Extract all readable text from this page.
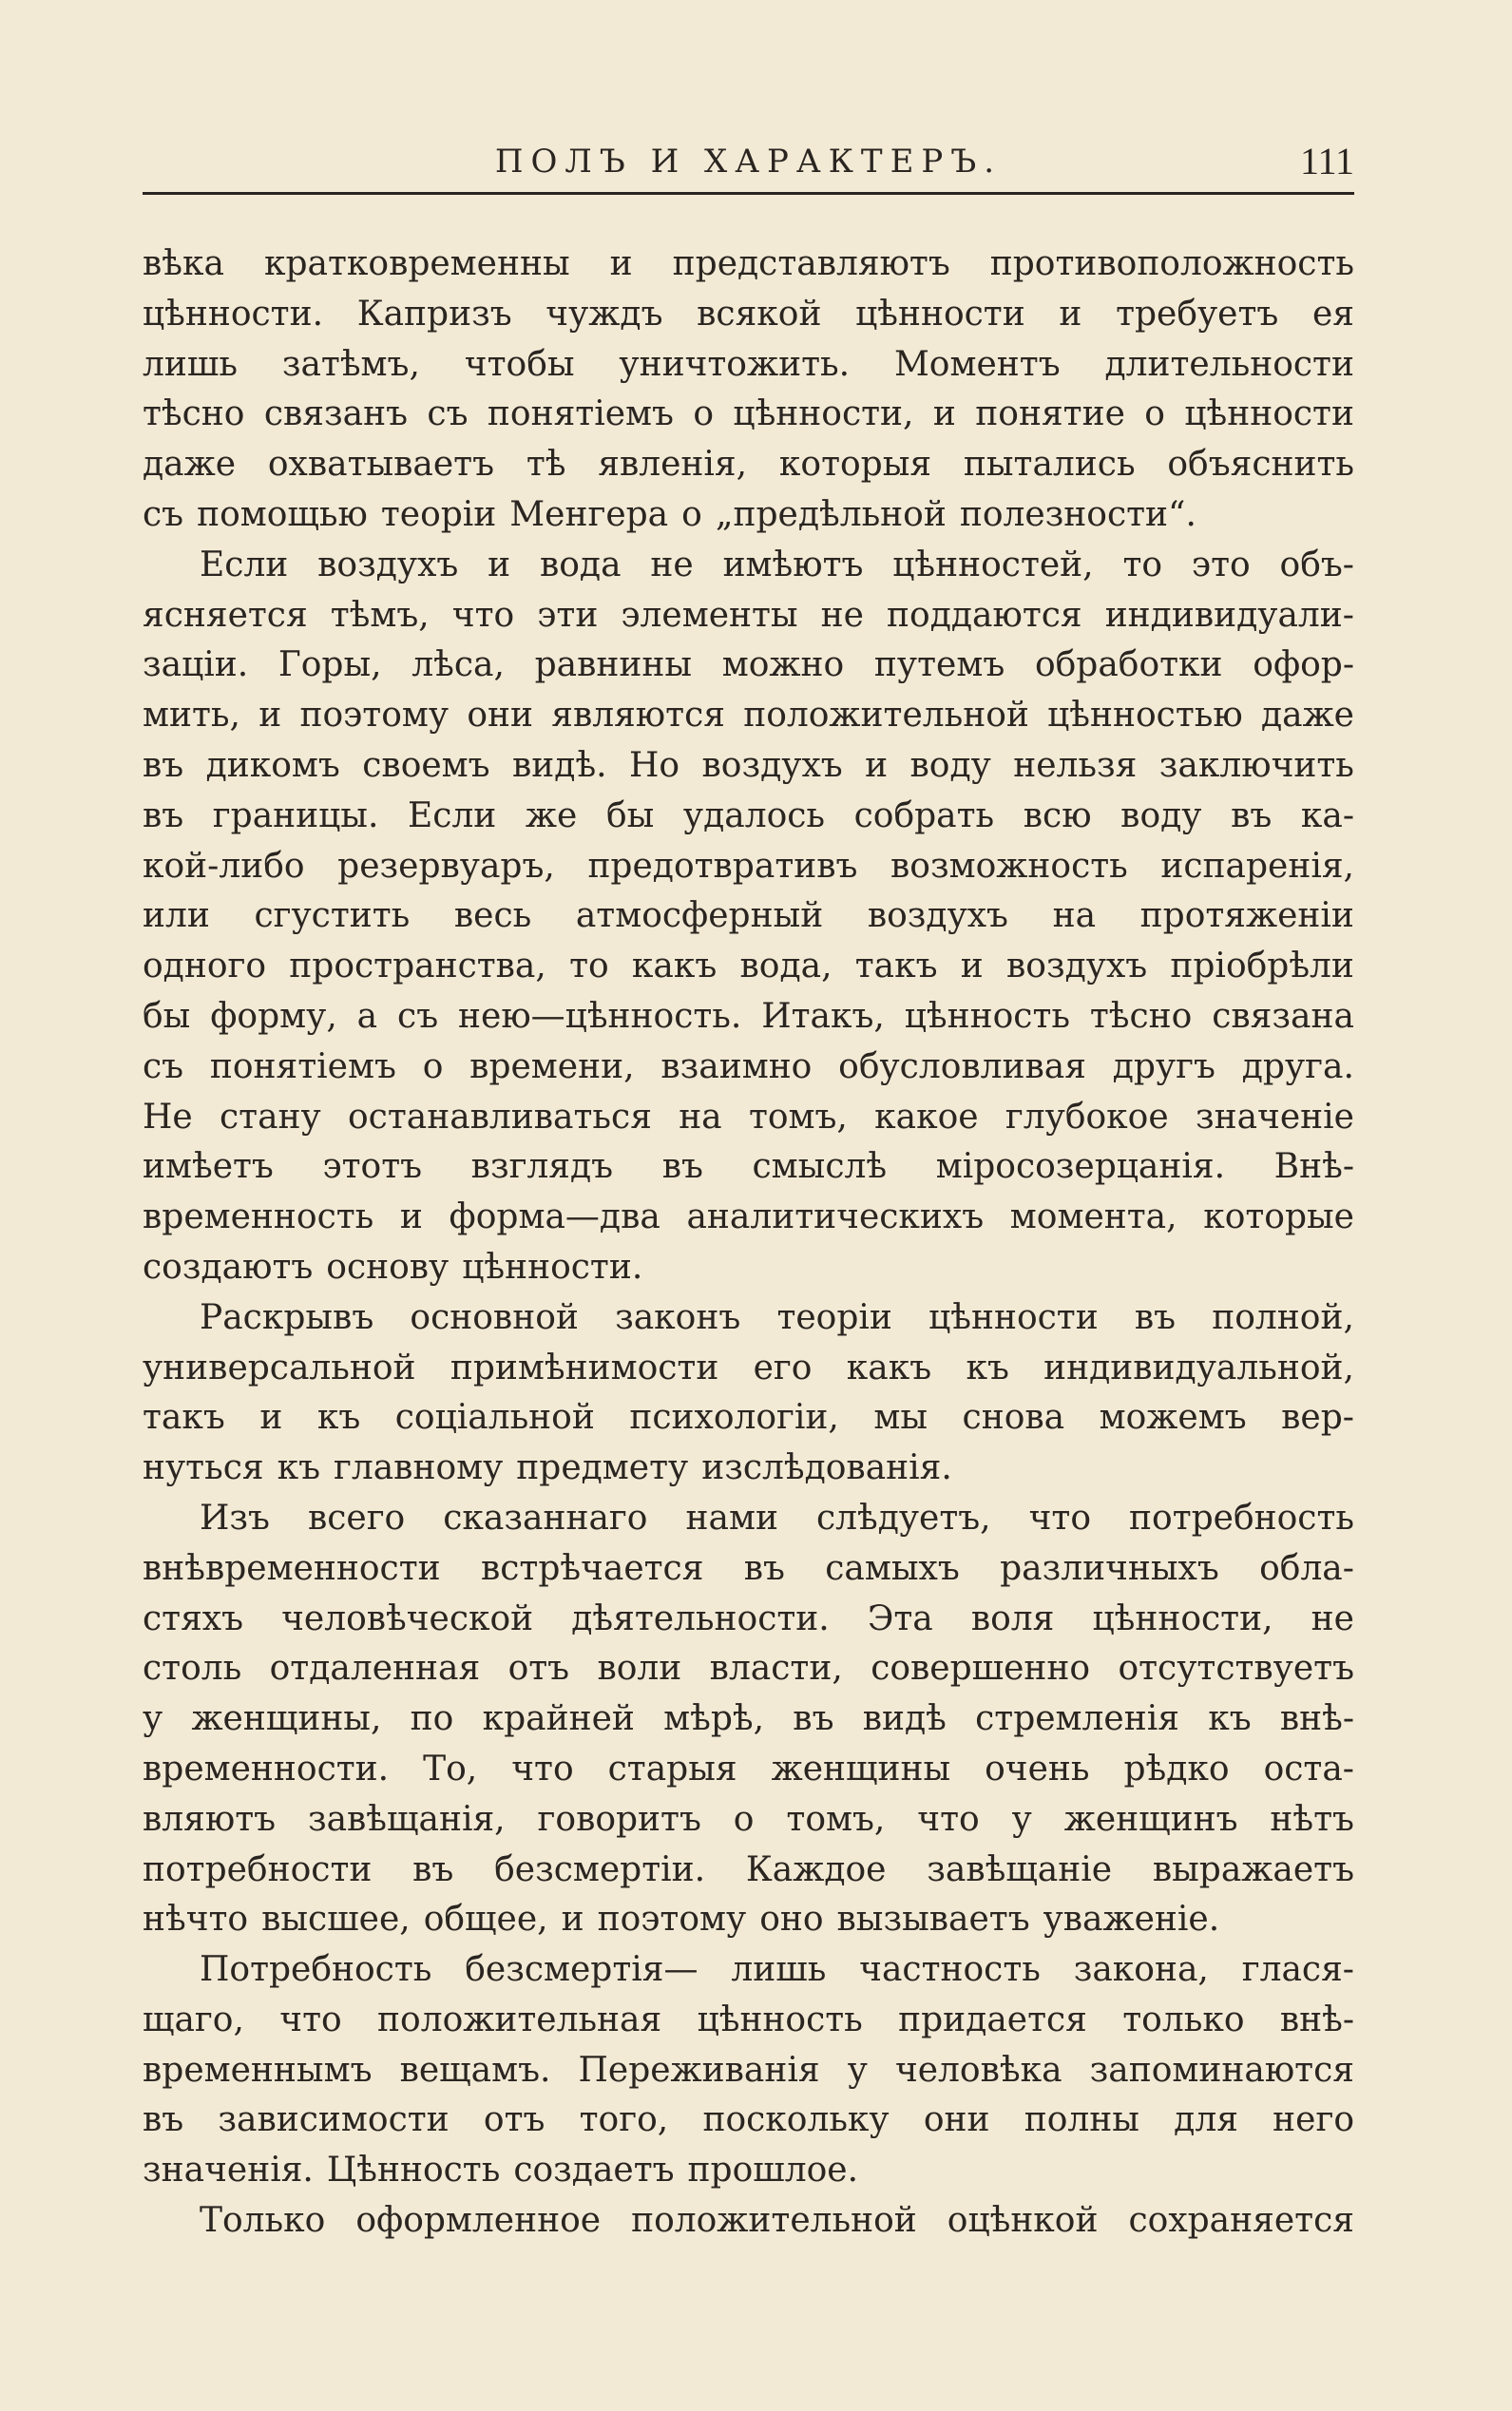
ПОЛЪ И ХАРАКТЕРЪ.	111
вѣка кратковременны и представляютъ противоположность
цѣнности. Капризъ чуждъ всякой цѣнности и требуетъ ея
лишь затѣмъ, чтобы уничтожить. Моментъ длительности
тѣсно связанъ съ понятiемъ о цѣнности, и понятие о цѣнности
даже охватываетъ тѣ явленiя, которыя пытались объяснить
съ помощью теорiи Менгера о „предѣльной полезности“.
Если воздухъ и вода не имѣютъ цѣнностей, то это объ-
ясняется тѣмъ, что эти элементы не поддаются индивидуали-
зацiи. Горы, лѣса, равнины можно путемъ обработки офор-
мить, и поэтому они являются положительной цѣнностью даже
въ дикомъ своемъ видѣ. Но воздухъ и воду нельзя заключить
въ границы. Если же бы удалось собрать всю воду въ ка-
кой-либо резервуаръ, предотвративъ возможность испаренiя,
или сгустить весь атмосферный воздухъ на протяженiи
одного пространства, то какъ вода, такъ и воздухъ прiобрѣли
бы форму, а съ нею—цѣнность. Итакъ, цѣнность тѣсно связана
съ понятiемъ о времени, взаимно обусловливая другъ друга.
Не стану останавливаться на томъ, какое глубокое значенiе
имѣетъ этотъ взглядъ въ смыслѣ мiросозерцанiя. Внѣ-
временность и форма—два аналитическихъ момента, которые
создаютъ основу цѣнности.
Раскрывъ основной законъ теорiи цѣнности въ полной,
универсальной примѣнимости его какъ къ индивидуальной,
такъ и къ соцiальной психологiи, мы снова можемъ вер-
нуться къ главному предмету изслѣдованiя.
Изъ всего сказаннаго нами слѣдуетъ, что потребность
внѣвременности встрѣчается въ самыхъ различныхъ обла-
стяхъ человѣческой дѣятельности. Эта воля цѣнности, не
столь отдаленная отъ воли власти, совершенно отсутствуетъ
у женщины, по крайней мѣрѣ, въ видѣ стремленiя къ внѣ-
временности. То, что старыя женщины очень рѣдко оста-
вляютъ завѣщанiя, говоритъ о томъ, что у женщинъ нѣтъ
потребности въ безсмертiи. Каждое завѣщанiе выражаетъ
нѣчто высшее, общее, и поэтому оно вызываетъ уваженiе.
Потребность безсмертiя— лишь частность закона, глася-
щаго, что положительная цѣнность придается только внѣ-
временнымъ вещамъ. Переживанiя у человѣка запоминаются
въ зависимости отъ того, поскольку они полны для него
значенiя. Цѣнность создаетъ прошлое.
Только оформленное положительной оцѣнкой сохраняется
